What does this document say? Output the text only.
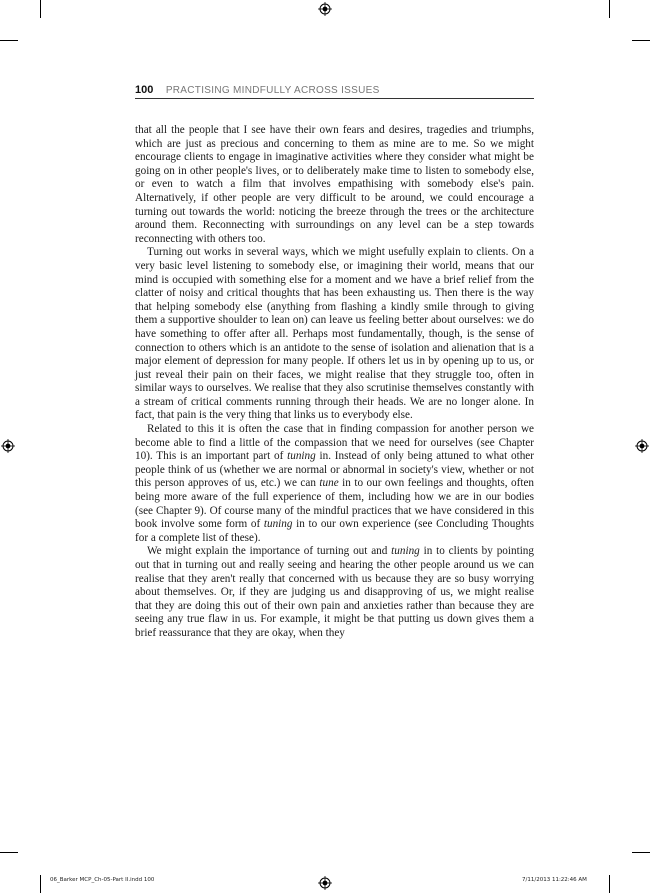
100 PRACTISING MINDFULLY ACROSS ISSUES

that all the people that I see have their own fears and desires, tragedies and triumphs, which are just as precious and concerning to them as mine are to me. So we might encourage clients to engage in imaginative activities where they consider what might be going on in other people's lives, or to deliberately make time to listen to somebody else, or even to watch a film that involves empathising with somebody else's pain. Alternatively, if other people are very difficult to be around, we could encourage a turning out towards the world: noticing the breeze through the trees or the architecture around them. Reconnecting with surroundings on any level can be a step towards reconnecting with others too.

Turning out works in several ways, which we might usefully explain to clients. On a very basic level listening to somebody else, or imagining their world, means that our mind is occupied with something else for a moment and we have a brief relief from the clatter of noisy and critical thoughts that has been exhausting us. Then there is the way that helping somebody else (anything from flashing a kindly smile through to giving them a supportive shoulder to lean on) can leave us feeling better about ourselves: we do have something to offer after all. Perhaps most fundamentally, though, is the sense of connection to others which is an antidote to the sense of isolation and alienation that is a major element of depression for many people. If others let us in by opening up to us, or just reveal their pain on their faces, we might realise that they struggle too, often in similar ways to ourselves. We realise that they also scrutinise themselves constantly with a stream of critical comments running through their heads. We are no longer alone. In fact, that pain is the very thing that links us to everybody else.

Related to this it is often the case that in finding compassion for another person we become able to find a little of the compassion that we need for ourselves (see Chapter 10). This is an important part of tuning in. Instead of only being attuned to what other people think of us (whether we are normal or abnormal in society's view, whether or not this person approves of us, etc.) we can tune in to our own feelings and thoughts, often being more aware of the full experience of them, including how we are in our bodies (see Chapter 9). Of course many of the mindful practices that we have considered in this book involve some form of tuning in to our own experience (see Concluding Thoughts for a complete list of these).

We might explain the importance of turning out and tuning in to clients by pointing out that in turning out and really seeing and hearing the other people around us we can realise that they aren't really that concerned with us because they are so busy worrying about themselves. Or, if they are judging us and disapproving of us, we might realise that they are doing this out of their own pain and anxieties rather than because they are seeing any true flaw in us. For example, it might be that putting us down gives them a brief reassurance that they are okay, when they

06_Barker MCP_Ch-05-Part II.indd 100	7/11/2013 11:22:46 AM
